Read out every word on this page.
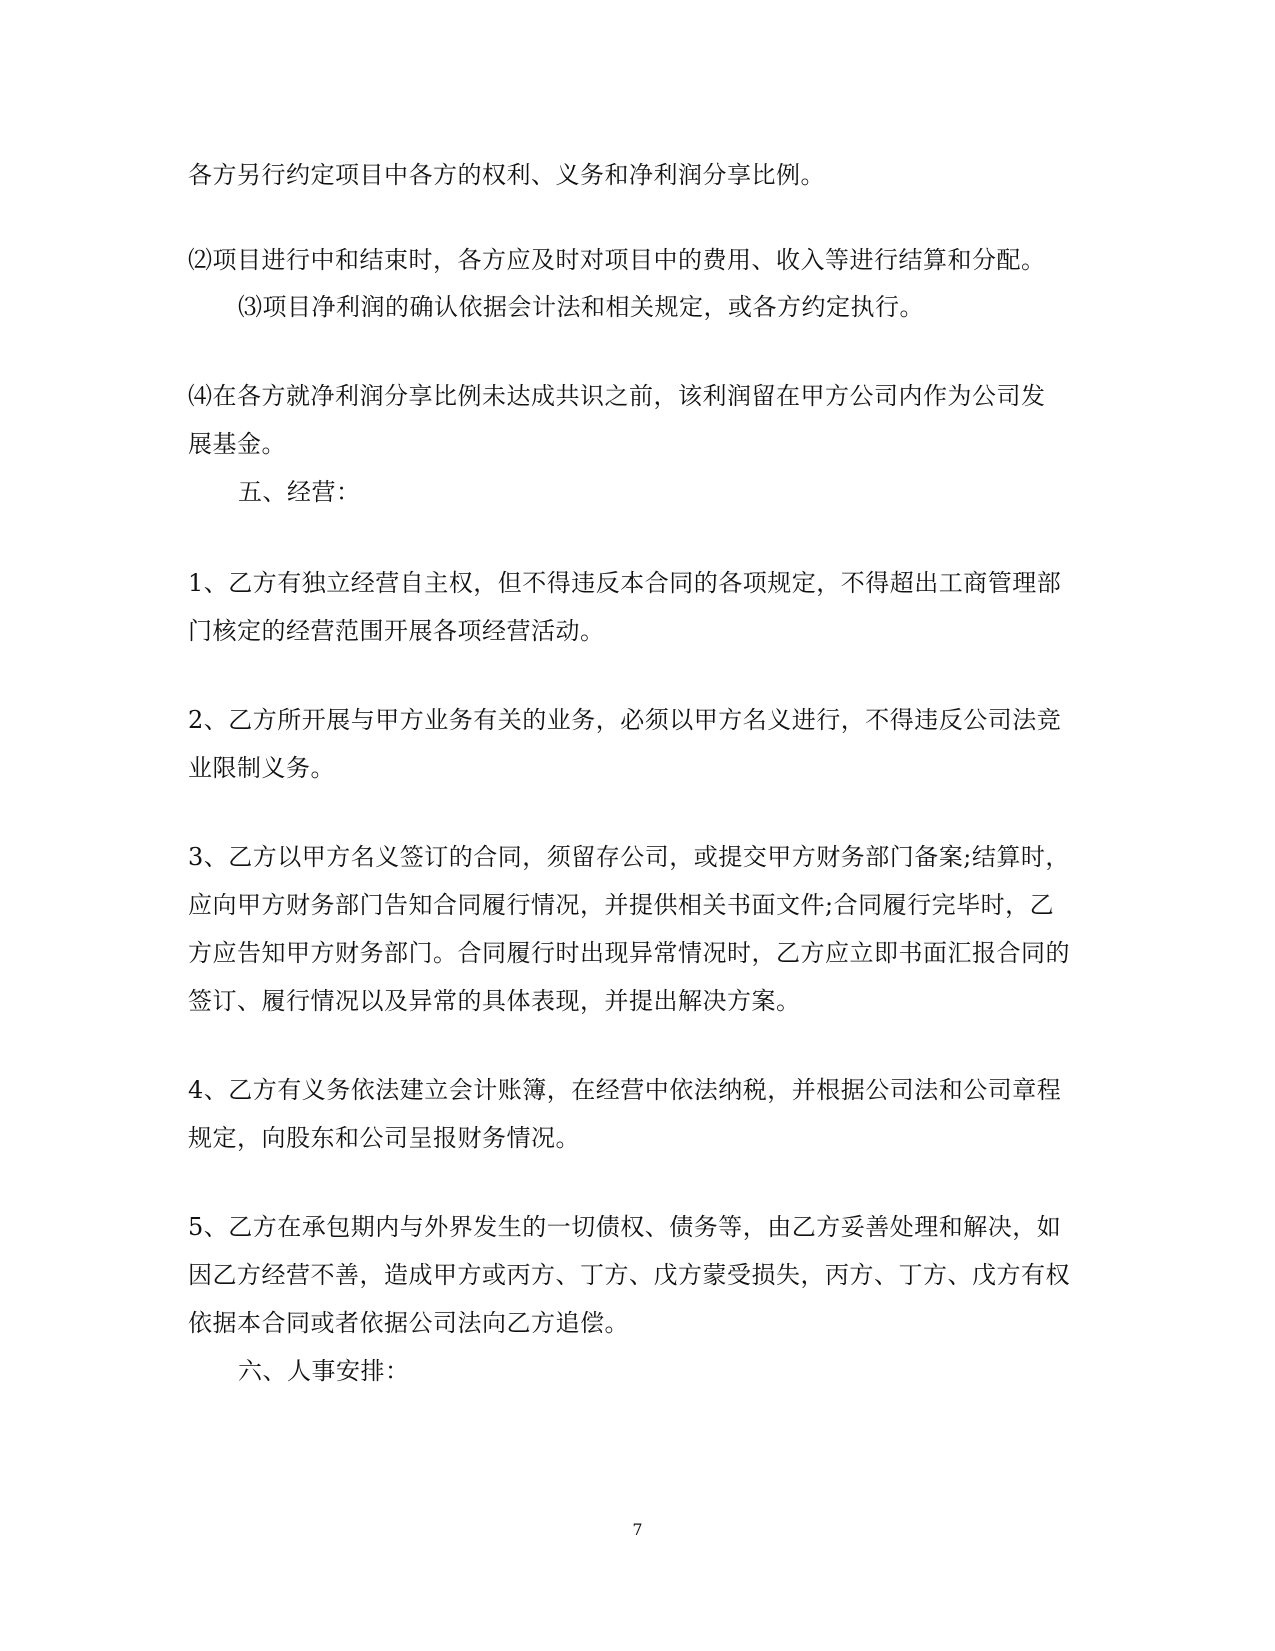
各方另行约定项目中各方的权利、义务和净利润分享比例。
⑵项目进行中和结束时，各方应及时对项目中的费用、收入等进行结算和分配。
⑶项目净利润的确认依据会计法和相关规定，或各方约定执行。
⑷在各方就净利润分享比例未达成共识之前，该利润留在甲方公司内作为公司发
展基金。
五、经营：
1、乙方有独立经营自主权，但不得违反本合同的各项规定，不得超出工商管理部
门核定的经营范围开展各项经营活动。
2、乙方所开展与甲方业务有关的业务，必须以甲方名义进行，不得违反公司法竞
业限制义务。
3、乙方以甲方名义签订的合同，须留存公司，或提交甲方财务部门备案;结算时，
应向甲方财务部门告知合同履行情况，并提供相关书面文件;合同履行完毕时，乙
方应告知甲方财务部门。合同履行时出现异常情况时，乙方应立即书面汇报合同的
签订、履行情况以及异常的具体表现，并提出解决方案。
4、乙方有义务依法建立会计账簿，在经营中依法纳税，并根据公司法和公司章程
规定，向股东和公司呈报财务情况。
5、乙方在承包期内与外界发生的一切债权、债务等，由乙方妥善处理和解决，如
因乙方经营不善，造成甲方或丙方、丁方、戊方蒙受损失，丙方、丁方、戊方有权
依据本合同或者依据公司法向乙方追偿。
六、人事安排：
7
